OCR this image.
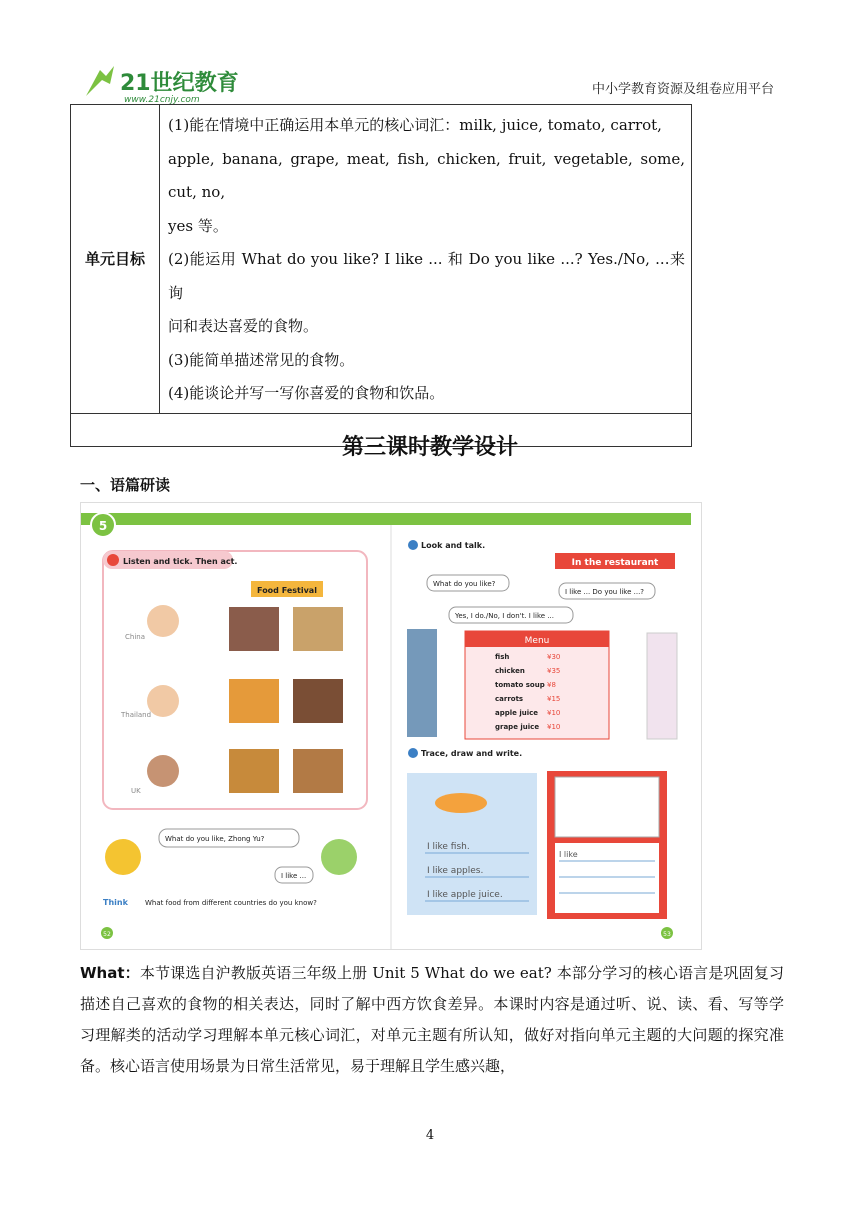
21世纪教育
www.21cnjy.com
中小学教育资源及组卷应用平台
单元目标	
(1)能在情境中正确运用本单元的核心词汇：milk, juice, tomato, carrot,
apple, banana, grape, meat, fish, chicken, fruit, vegetable, some, cut, no,
yes 等。
(2)能运用 What do you like? I like ... 和 Do you like ...? Yes./No, ...来询
问和表达喜爱的食物。
(3)能简单描述常见的食物。
(4)能谈论并写一写你喜爱的食物和饮品。

第三课时教学设计
一、语篇研读
5	Communicate
Listen and tick. Then act.
Food Festival
China
Thailand
UK
What do you like, Zhong Yu?
I like ...
Think What food from different countries do you know?
52
Look and talk.
In the restaurant
What do you like?
I like ... Do you like ...?
Yes, I do./No, I don't. I like ...
Menu
fish	¥30
chicken	¥35
tomato soup ¥8
carrots	¥15
apple juice ¥10
grape juice ¥10
Trace, draw and write.
I like fish.
I like apples.
I like apple juice.
I like
53
What：本节课选自沪教版英语三年级上册 Unit 5 What do we eat? 本部分学习的核心语言是巩固复习描述自己喜欢的食物的相关表达，同时了解中西方饮食差异。本课时内容是通过听、说、读、看、写等学习理解类的活动学习理解本单元核心词汇，对单元主题有所认知，做好对指向单元主题的大问题的探究准备。核心语言使用场景为日常生活常见，易于理解且学生感兴趣，
4
